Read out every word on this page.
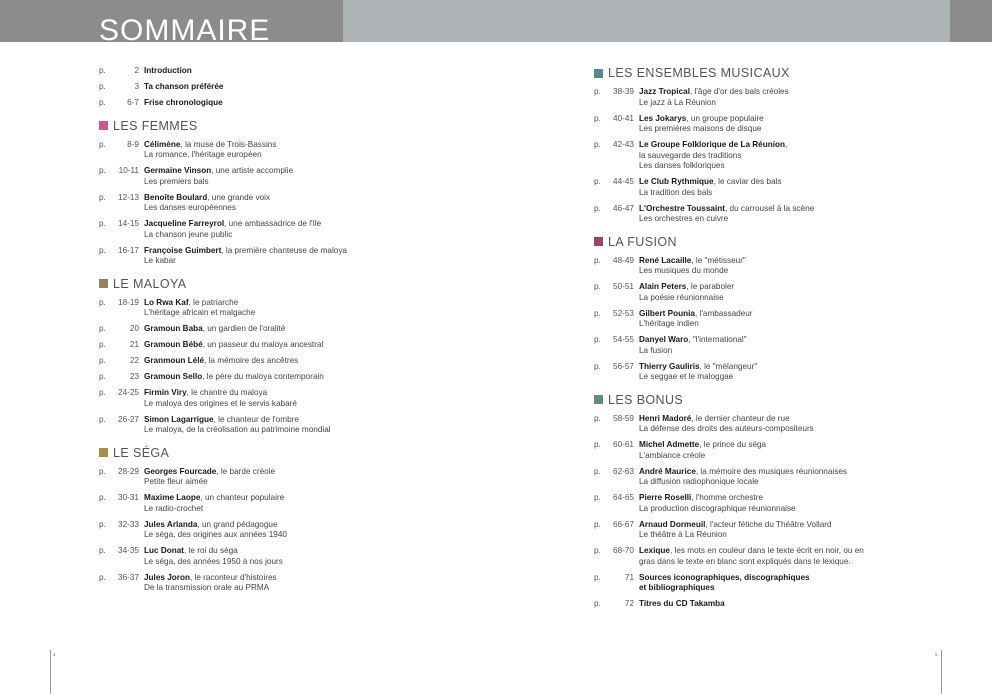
SOMMAIRE
p.	2 Introduction
p.	3 Ta chanson préférée
p.	6-7 Frise chronologique
LES FEMMES
p.	8-9 Célimène, la muse de Trois-Bassins
La romance, l'héritage européen
p. 10-11 Germaine Vinson, une artiste accomplie
Les premiers bals
p. 12-13 Benoîte Boulard, une grande voix
Les danses européennes
p. 14-15 Jacqueline Farreyrol, une ambassadrice de l'Ile
La chanson jeune public
p. 16-17 Françoise Guimbert, la première chanteuse de maloya
Le kabar
LE MALOYA
p. 18-19 Lo Rwa Kaf, le patriarche
L'héritage africain et malgache
p.	20 Gramoun Baba, un gardien de l'oralité
p.	21 Gramoun Bébé, un passeur du maloya ancestral
p.	22 Granmoun Lélé, la mémoire des ancêtres
p.	23 Gramoun Sello, le père du maloya contemporain
p. 24-25 Firmin Viry, le chantre du maloya
Le maloya des origines et le servis kabaré
p. 26-27 Simon Lagarrigue, le chanteur de l'ombre
Le maloya, de la créolisation au patrimoine mondial
LE SÉGA
p. 28-29 Georges Fourcade, le barde créole
Petite fleur aimée
p. 30-31 Maxime Laope, un chanteur populaire
Le radio-crochet
p. 32-33 Jules Arlanda, un grand pédagogue
Le séga, des origines aux années 1940
p. 34-35 Luc Donat, le roi du séga
Le séga, des années 1950 à nos jours
p. 36-37 Jules Joron, le raconteur d'histoires
De la transmission orale au PRMA
LES ENSEMBLES MUSICAUX
p. 38-39 Jazz Tropical, l'âge d'or des bals créoles
Le jazz à La Réunion
p. 40-41 Les Jokarys, un groupe populaire
Les premières maisons de disque
p. 42-43 Le Groupe Folklorique de La Réunion,
la sauvegarde des traditions
Les danses folkloriques
p. 44-45 Le Club Rythmique, le caviar des bals
La tradition des bals
p. 46-47 L'Orchestre Toussaint, du carrousel à la scène
Les orchestres en cuivre
LA FUSION
p. 48-49 René Lacaille, le "métisseur"
Les musiques du monde
p. 50-51 Alain Peters, le paraboler
La poésie réunionnaise
p. 52-53 Gilbert Pounia, l'ambassadeur
L'héritage indien
p. 54-55 Danyel Waro, "l'international"
La fusion
p. 56-57 Thierry Gauliris, le "mélangeur"
Le seggae et le maloggae
LES BONUS
p. 58-59 Henri Madoré, le dernier chanteur de rue
La défense des droits des auteurs-compositeurs
p. 60-61 Michel Admette, le prince du séga
L'ambiance créole
p. 62-63 André Maurice, la mémoire des musiques réunionnaises
La diffusion radiophonique locale
p. 64-65 Pierre Roselli, l'homme orchestre
La production discographique réunionnaise
p. 66-67 Arnaud Dormeuil, l'acteur fétiche du Théâtre Vollard
Le théâtre à La Réunion
p. 68-70 Lexique, les mots en couleur dans le texte écrit en noir, ou en
gras dans le texte en blanc sont expliqués dans le lexique.
p.	71 Sources iconographiques, discographiques
et bibliographiques
p.	72 Titres du CD Takamba
4	5
